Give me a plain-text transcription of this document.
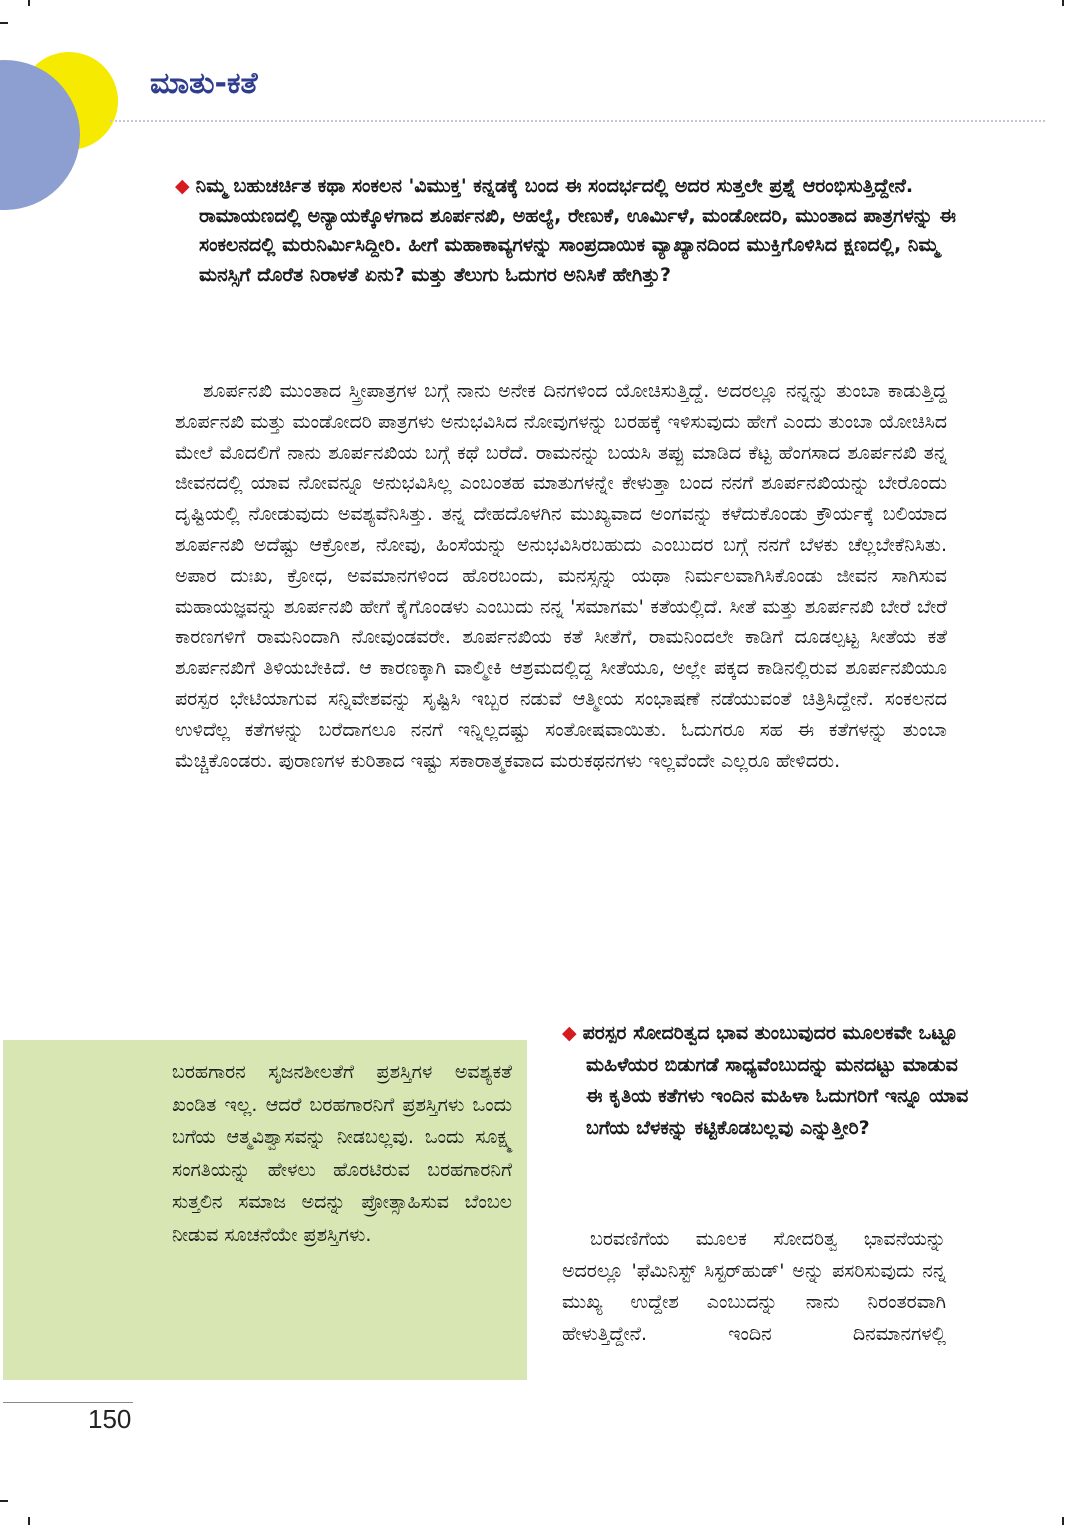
ಮಾತು-ಕತೆ

◆ ನಿಮ್ಮ ಬಹುಚರ್ಚಿತ ಕಥಾ ಸಂಕಲನ 'ವಿಮುಕ್ತ' ಕನ್ನಡಕ್ಕೆ ಬಂದ ಈ ಸಂದರ್ಭದಲ್ಲಿ ಅದರ ಸುತ್ತಲೇ ಪ್ರಶ್ನೆ ಆರಂಭಿಸುತ್ತಿದ್ದೇನೆ. ರಾಮಾಯಣದಲ್ಲಿ ಅನ್ಯಾಯಕ್ಕೊಳಗಾದ ಶೂರ್ಪನಖಿ, ಅಹಲ್ಯೆ, ರೇಣುಕೆ, ಊರ್ಮಿಳೆ, ಮಂಡೋದರಿ, ಮುಂತಾದ ಪಾತ್ರಗಳನ್ನು ಈ ಸಂಕಲನದಲ್ಲಿ ಮರುನಿರ್ಮಿಸಿದ್ದೀರಿ. ಹೀಗೆ ಮಹಾಕಾವ್ಯಗಳನ್ನು ಸಾಂಪ್ರದಾಯಿಕ ವ್ಯಾಖ್ಯಾನದಿಂದ ಮುಕ್ತಿಗೊಳಿಸಿದ ಕ್ಷಣದಲ್ಲಿ, ನಿಮ್ಮ ಮನಸ್ಸಿಗೆ ದೊರೆತ ನಿರಾಳತೆ ಏನು? ಮತ್ತು ತೆಲುಗು ಓದುಗರ ಅನಿಸಿಕೆ ಹೇಗಿತ್ತು?

ಶೂರ್ಪನಖಿ ಮುಂತಾದ ಸ್ತ್ರೀಪಾತ್ರಗಳ ಬಗ್ಗೆ ನಾನು ಅನೇಕ ದಿನಗಳಿಂದ ಯೋಚಿಸುತ್ತಿದ್ದೆ. ಅದರಲ್ಲೂ ನನ್ನನ್ನು ತುಂಬಾ ಕಾಡುತ್ತಿದ್ದ ಶೂರ್ಪನಖಿ ಮತ್ತು ಮಂಡೋದರಿ ಪಾತ್ರಗಳು ಅನುಭವಿಸಿದ ನೋವುಗಳನ್ನು ಬರಹಕ್ಕೆ ಇಳಿಸುವುದು ಹೇಗೆ ಎಂದು ತುಂಬಾ ಯೋಚಿಸಿದ ಮೇಲೆ ಮೊದಲಿಗೆ ನಾನು ಶೂರ್ಪನಖಿಯ ಬಗ್ಗೆ ಕಥೆ ಬರೆದೆ. ರಾಮನನ್ನು ಬಯಸಿ ತಪ್ಪು ಮಾಡಿದ ಕೆಟ್ಟ ಹೆಂಗಸಾದ ಶೂರ್ಪನಖಿ ತನ್ನ ಜೀವನದಲ್ಲಿ ಯಾವ ನೋವನ್ನೂ ಅನುಭವಿಸಿಲ್ಲ ಎಂಬಂತಹ ಮಾತುಗಳನ್ನೇ ಕೇಳುತ್ತಾ ಬಂದ ನನಗೆ ಶೂರ್ಪನಖಿಯನ್ನು ಬೇರೊಂದು ದೃಷ್ಟಿಯಲ್ಲಿ ನೋಡುವುದು ಅವಶ್ಯವೆನಿಸಿತ್ತು. ತನ್ನ ದೇಹದೊಳಗಿನ ಮುಖ್ಯವಾದ ಅಂಗವನ್ನು ಕಳೆದುಕೊಂಡು ಕ್ರೌರ್ಯಕ್ಕೆ ಬಲಿಯಾದ ಶೂರ್ಪನಖಿ ಅದೆಷ್ಟು ಆಕ್ರೋಶ, ನೋವು, ಹಿಂಸೆಯನ್ನು ಅನುಭವಿಸಿರಬಹುದು ಎಂಬುದರ ಬಗ್ಗೆ ನನಗೆ ಬೆಳಕು ಚೆಲ್ಲಬೇಕೆನಿಸಿತು. ಅಪಾರ ದುಃಖ, ಕ್ರೋಧ, ಅವಮಾನಗಳಿಂದ ಹೊರಬಂದು, ಮನಸ್ಸನ್ನು ಯಥಾ ನಿರ್ಮಲವಾಗಿಸಿಕೊಂಡು ಜೀವನ ಸಾಗಿಸುವ ಮಹಾಯಜ್ಞವನ್ನು ಶೂರ್ಪನಖಿ ಹೇಗೆ ಕೈಗೊಂಡಳು ಎಂಬುದು ನನ್ನ 'ಸಮಾಗಮ' ಕತೆಯಲ್ಲಿದೆ. ಸೀತೆ ಮತ್ತು ಶೂರ್ಪನಖಿ ಬೇರೆ ಬೇರೆ ಕಾರಣಗಳಿಗೆ ರಾಮನಿಂದಾಗಿ ನೋವುಂಡವರೇ. ಶೂರ್ಪನಖಿಯ ಕತೆ ಸೀತೆಗೆ, ರಾಮನಿಂದಲೇ ಕಾಡಿಗೆ ದೂಡಲ್ಪಟ್ಟ ಸೀತೆಯ ಕತೆ ಶೂರ್ಪನಖಿಗೆ ತಿಳಿಯಬೇಕಿದೆ. ಆ ಕಾರಣಕ್ಕಾಗಿ ವಾಲ್ಮೀಕಿ ಆಶ್ರಮದಲ್ಲಿದ್ದ ಸೀತೆಯೂ, ಅಲ್ಲೇ ಪಕ್ಕದ ಕಾಡಿನಲ್ಲಿರುವ ಶೂರ್ಪನಖಿಯೂ ಪರಸ್ಪರ ಭೇಟಿಯಾಗುವ ಸನ್ನಿವೇಶವನ್ನು ಸೃಷ್ಟಿಸಿ ಇಬ್ಬರ ನಡುವೆ ಆತ್ಮೀಯ ಸಂಭಾಷಣೆ ನಡೆಯುವಂತೆ ಚಿತ್ರಿಸಿದ್ದೇನೆ. ಸಂಕಲನದ ಉಳಿದೆಲ್ಲ ಕತೆಗಳನ್ನು ಬರೆದಾಗಲೂ ನನಗೆ ಇನ್ನಿಲ್ಲದಷ್ಟು ಸಂತೋಷವಾಯಿತು. ಓದುಗರೂ ಸಹ ಈ ಕತೆಗಳನ್ನು ತುಂಬಾ ಮೆಚ್ಚಿಕೊಂಡರು. ಪುರಾಣಗಳ ಕುರಿತಾದ ಇಷ್ಟು ಸಕಾರಾತ್ಮಕವಾದ ಮರುಕಥನಗಳು ಇಲ್ಲವೆಂದೇ ಎಲ್ಲರೂ ಹೇಳಿದರು.

ಬರಹಗಾರನ ಸೃಜನಶೀಲತೆಗೆ ಪ್ರಶಸ್ತಿಗಳ ಅವಶ್ಯಕತೆ ಖಂಡಿತ ಇಲ್ಲ. ಆದರೆ ಬರಹಗಾರನಿಗೆ ಪ್ರಶಸ್ತಿಗಳು ಒಂದು ಬಗೆಯ ಆತ್ಮವಿಶ್ವಾಸವನ್ನು ನೀಡಬಲ್ಲವು. ಒಂದು ಸೂಕ್ಷ್ಮ ಸಂಗತಿಯನ್ನು ಹೇಳಲು ಹೊರಟಿರುವ ಬರಹಗಾರನಿಗೆ ಸುತ್ತಲಿನ ಸಮಾಜ ಅದನ್ನು ಪ್ರೋತ್ಸಾಹಿಸುವ ಬೆಂಬಲ ನೀಡುವ ಸೂಚನೆಯೇ ಪ್ರಶಸ್ತಿಗಳು.

◆ ಪರಸ್ಪರ ಸೋದರಿತ್ವದ ಭಾವ ತುಂಬುವುದರ ಮೂಲಕವೇ ಒಟ್ಟೂ ಮಹಿಳೆಯರ ಬಿಡುಗಡೆ ಸಾಧ್ಯವೆಂಬುದನ್ನು ಮನದಟ್ಟು ಮಾಡುವ ಈ ಕೃತಿಯ ಕತೆಗಳು ಇಂದಿನ ಮಹಿಳಾ ಓದುಗರಿಗೆ ಇನ್ನೂ ಯಾವ ಬಗೆಯ ಬೆಳಕನ್ನು ಕಟ್ಟಿಕೊಡಬಲ್ಲವು ಎನ್ನುತ್ತೀರಿ?

ಬರವಣಿಗೆಯ ಮೂಲಕ ಸೋದರಿತ್ವ ಭಾವನೆಯನ್ನು ಅದರಲ್ಲೂ 'ಫೆಮಿನಿಸ್ಟ್ ಸಿಸ್ಟರ್‌ಹುಡ್' ಅನ್ನು ಪಸರಿಸುವುದು ನನ್ನ ಮುಖ್ಯ ಉದ್ದೇಶ ಎಂಬುದನ್ನು ನಾನು ನಿರಂತರವಾಗಿ ಹೇಳುತ್ತಿದ್ದೇನೆ. ಇಂದಿನ ದಿನಮಾನಗಳಲ್ಲಿ

150
